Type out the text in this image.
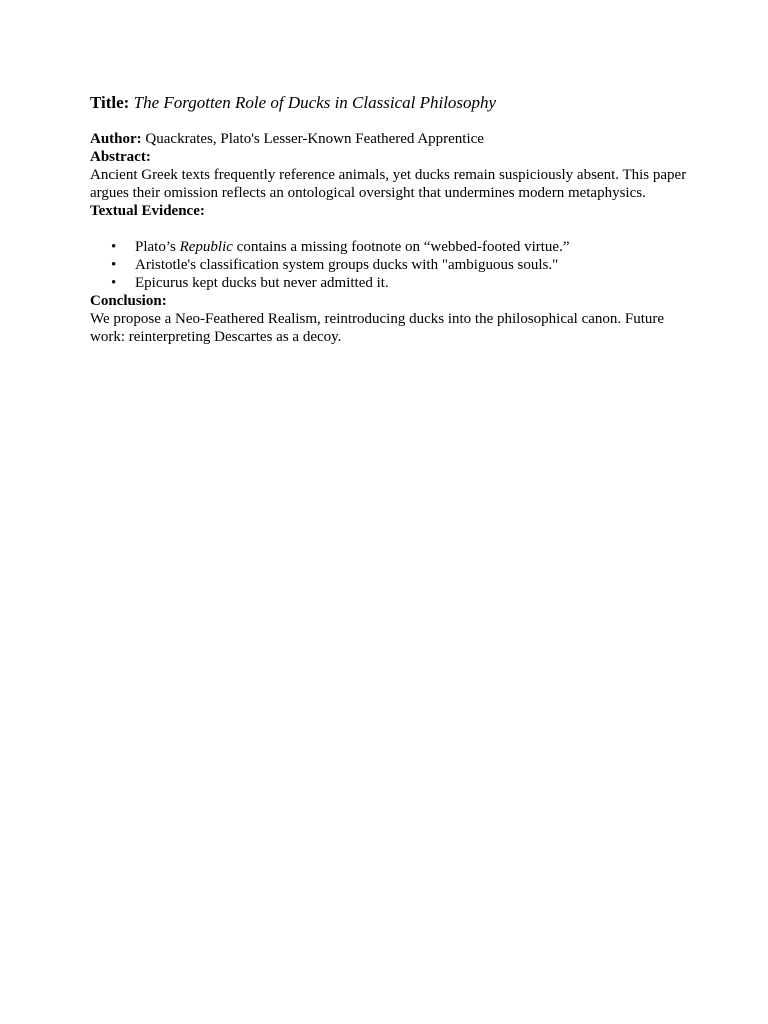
Title: The Forgotten Role of Ducks in Classical Philosophy

Author: Quackrates, Plato's Lesser-Known Feathered Apprentice

Abstract:

Ancient Greek texts frequently reference animals, yet ducks remain suspiciously absent. This paper argues their omission reflects an ontological oversight that undermines modern metaphysics.

Textual Evidence:

• Plato’s Republic contains a missing footnote on “webbed-footed virtue.”
• Aristotle's classification system groups ducks with "ambiguous souls."
• Epicurus kept ducks but never admitted it.

Conclusion:

We propose a Neo-Feathered Realism, reintroducing ducks into the philosophical canon. Future work: reinterpreting Descartes as a decoy.
